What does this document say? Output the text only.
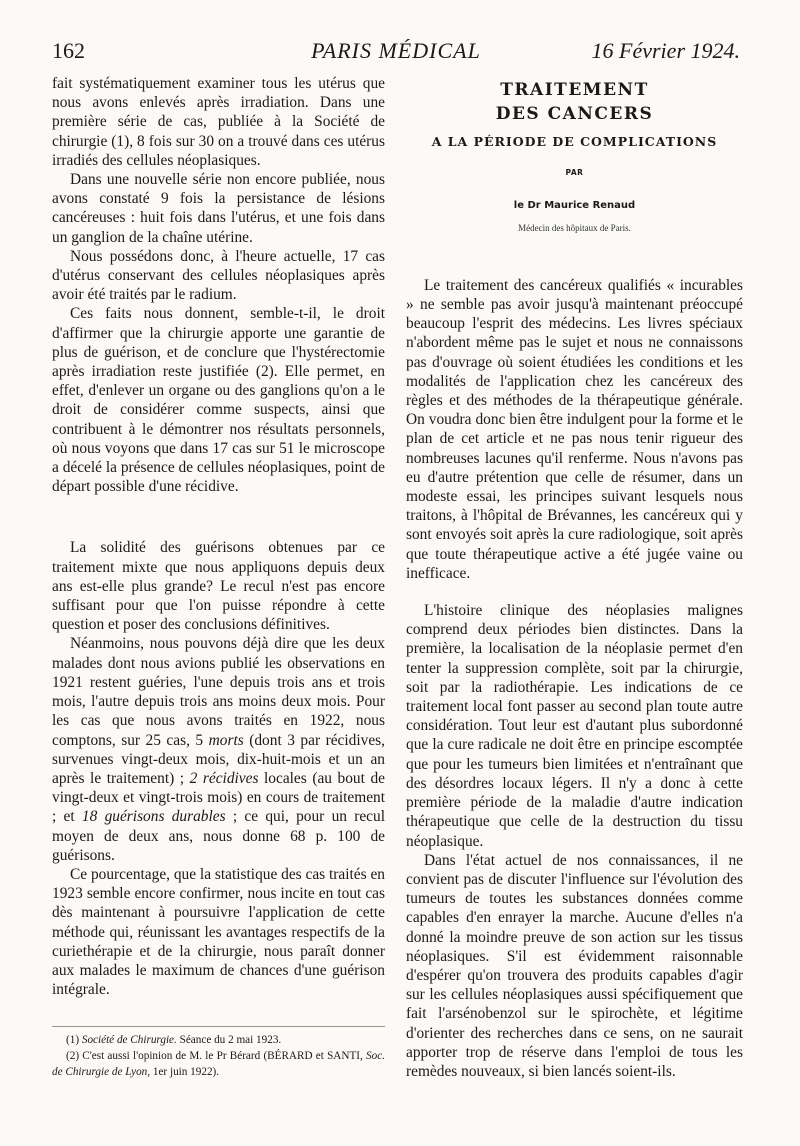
162	PARIS MÉDICAL	16 Février 1924.

fait systématiquement examiner tous les utérus que nous avons enlevés après irradiation. Dans une première série de cas, publiée à la Société de chirurgie (1), 8 fois sur 30 on a trouvé dans ces utérus irradiés des cellules néoplasiques.

Dans une nouvelle série non encore publiée, nous avons constaté 9 fois la persistance de lésions cancéreuses : huit fois dans l'utérus, et une fois dans un ganglion de la chaîne utérine.

Nous possédons donc, à l'heure actuelle, 17 cas d'utérus conservant des cellules néoplasiques après avoir été traités par le radium.

Ces faits nous donnent, semble-t-il, le droit d'affirmer que la chirurgie apporte une garantie de plus de guérison, et de conclure que l'hystérectomie après irradiation reste justifiée (2). Elle permet, en effet, d'enlever un organe ou des ganglions qu'on a le droit de considérer comme suspects, ainsi que contribuent à le démontrer nos résultats personnels, où nous voyons que dans 17 cas sur 51 le microscope a décelé la présence de cellules néoplasiques, point de départ possible d'une récidive.

La solidité des guérisons obtenues par ce traitement mixte que nous appliquons depuis deux ans est-elle plus grande? Le recul n'est pas encore suffisant pour que l'on puisse répondre à cette question et poser des conclusions définitives.

Néanmoins, nous pouvons déjà dire que les deux malades dont nous avions publié les observations en 1921 restent guéries, l'une depuis trois ans et trois mois, l'autre depuis trois ans moins deux mois. Pour les cas que nous avons traités en 1922, nous comptons, sur 25 cas, 5 morts (dont 3 par récidives, survenues vingt-deux mois, dix-huit-mois et un an après le traitement) ; 2 récidives locales (au bout de vingt-deux et vingt-trois mois) en cours de traitement ; et 18 guérisons durables ; ce qui, pour un recul moyen de deux ans, nous donne 68 p. 100 de guérisons.

Ce pourcentage, que la statistique des cas traités en 1923 semble encore confirmer, nous incite en tout cas dès maintenant à poursuivre l'application de cette méthode qui, réunissant les avantages respectifs de la curiethérapie et de la chirurgie, nous paraît donner aux malades le maximum de chances d'une guérison intégrale.

(1) Société de Chirurgie. Séance du 2 mai 1923.

(2) C'est aussi l'opinion de M. le Pr Bérard (BÉRARD et SANTI, Soc. de Chirurgie de Lyon, 1er juin 1922).

TRAITEMENT
DES CANCERS
A LA PÉRIODE DE COMPLICATIONS
PAR
le Dr Maurice Renaud
Médecin des hôpitaux de Paris.

Le traitement des cancéreux qualifiés « incurables » ne semble pas avoir jusqu'à maintenant préoccupé beaucoup l'esprit des médecins. Les livres spéciaux n'abordent même pas le sujet et nous ne connaissons pas d'ouvrage où soient étudiées les conditions et les modalités de l'application chez les cancéreux des règles et des méthodes de la thérapeutique générale. On voudra donc bien être indulgent pour la forme et le plan de cet article et ne pas nous tenir rigueur des nombreuses lacunes qu'il renferme. Nous n'avons pas eu d'autre prétention que celle de résumer, dans un modeste essai, les principes suivant lesquels nous traitons, à l'hôpital de Brévannes, les cancéreux qui y sont envoyés soit après la cure radiologique, soit après que toute thérapeutique active a été jugée vaine ou inefficace.

L'histoire clinique des néoplasies malignes comprend deux périodes bien distinctes. Dans la première, la localisation de la néoplasie permet d'en tenter la suppression complète, soit par la chirurgie, soit par la radiothérapie. Les indications de ce traitement local font passer au second plan toute autre considération. Tout leur est d'autant plus subordonné que la cure radicale ne doit être en principe escomptée que pour les tumeurs bien limitées et n'entraînant que des désordres locaux légers. Il n'y a donc à cette première période de la maladie d'autre indication thérapeutique que celle de la destruction du tissu néoplasique.

Dans l'état actuel de nos connaissances, il ne convient pas de discuter l'influence sur l'évolution des tumeurs de toutes les substances données comme capables d'en enrayer la marche. Aucune d'elles n'a donné la moindre preuve de son action sur les tissus néoplasiques. S'il est évidemment raisonnable d'espérer qu'on trouvera des produits capables d'agir sur les cellules néoplasiques aussi spécifiquement que fait l'arsénobenzol sur le spirochète, et légitime d'orienter des recherches dans ce sens, on ne saurait apporter trop de réserve dans l'emploi de tous les remèdes nouveaux, si bien lancés soient-ils.
